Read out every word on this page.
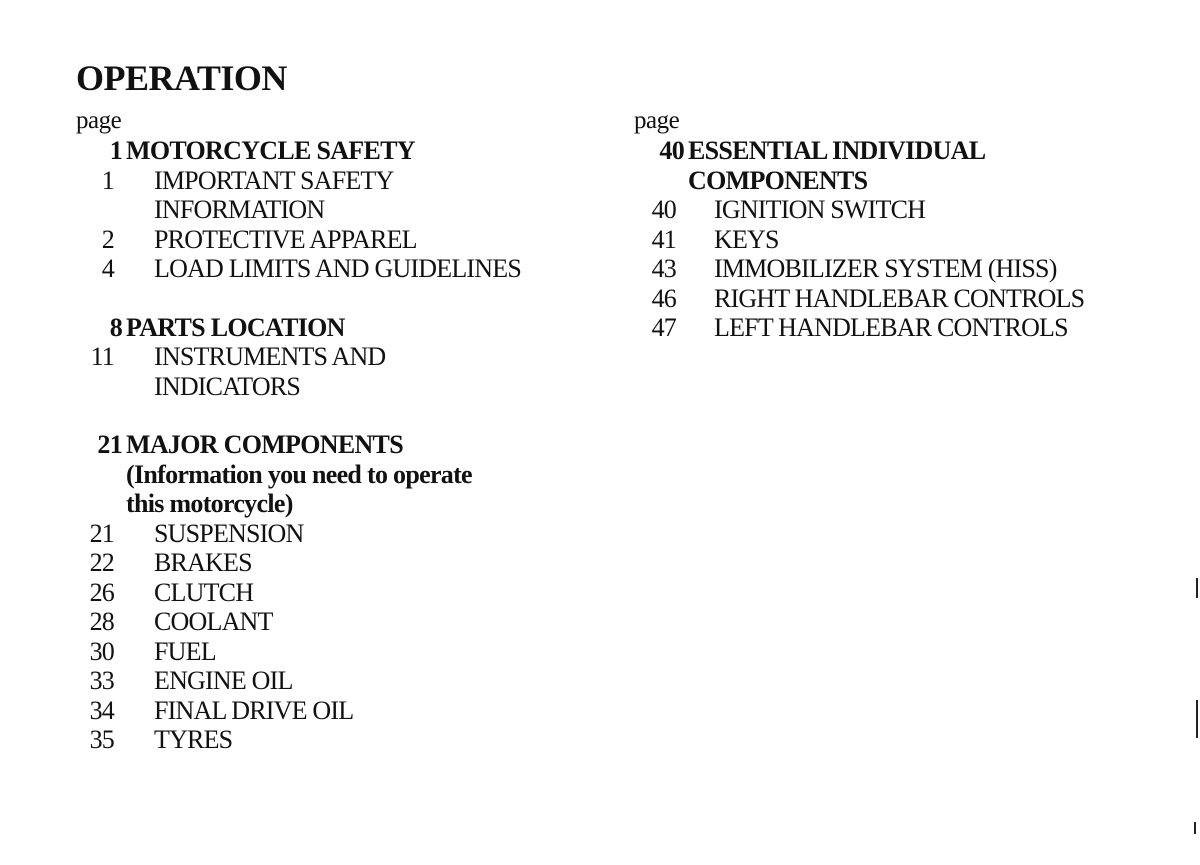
OPERATION
page
1 MOTORCYCLE SAFETY
1 IMPORTANT SAFETY
INFORMATION
2 PROTECTIVE APPAREL
4 LOAD LIMITS AND GUIDELINES
8 PARTS LOCATION
11 INSTRUMENTS AND
INDICATORS
21 MAJOR COMPONENTS
(Information you need to operate
this motorcycle)
21 SUSPENSION
22 BRAKES
26 CLUTCH
28 COOLANT
30 FUEL
33 ENGINE OIL
34 FINAL DRIVE OIL
35 TYRES
page
40 ESSENTIAL INDIVIDUAL
COMPONENTS
40 IGNITION SWITCH
41 KEYS
43 IMMOBILIZER SYSTEM (HISS)
46 RIGHT HANDLEBAR CONTROLS
47 LEFT HANDLEBAR CONTROLS
